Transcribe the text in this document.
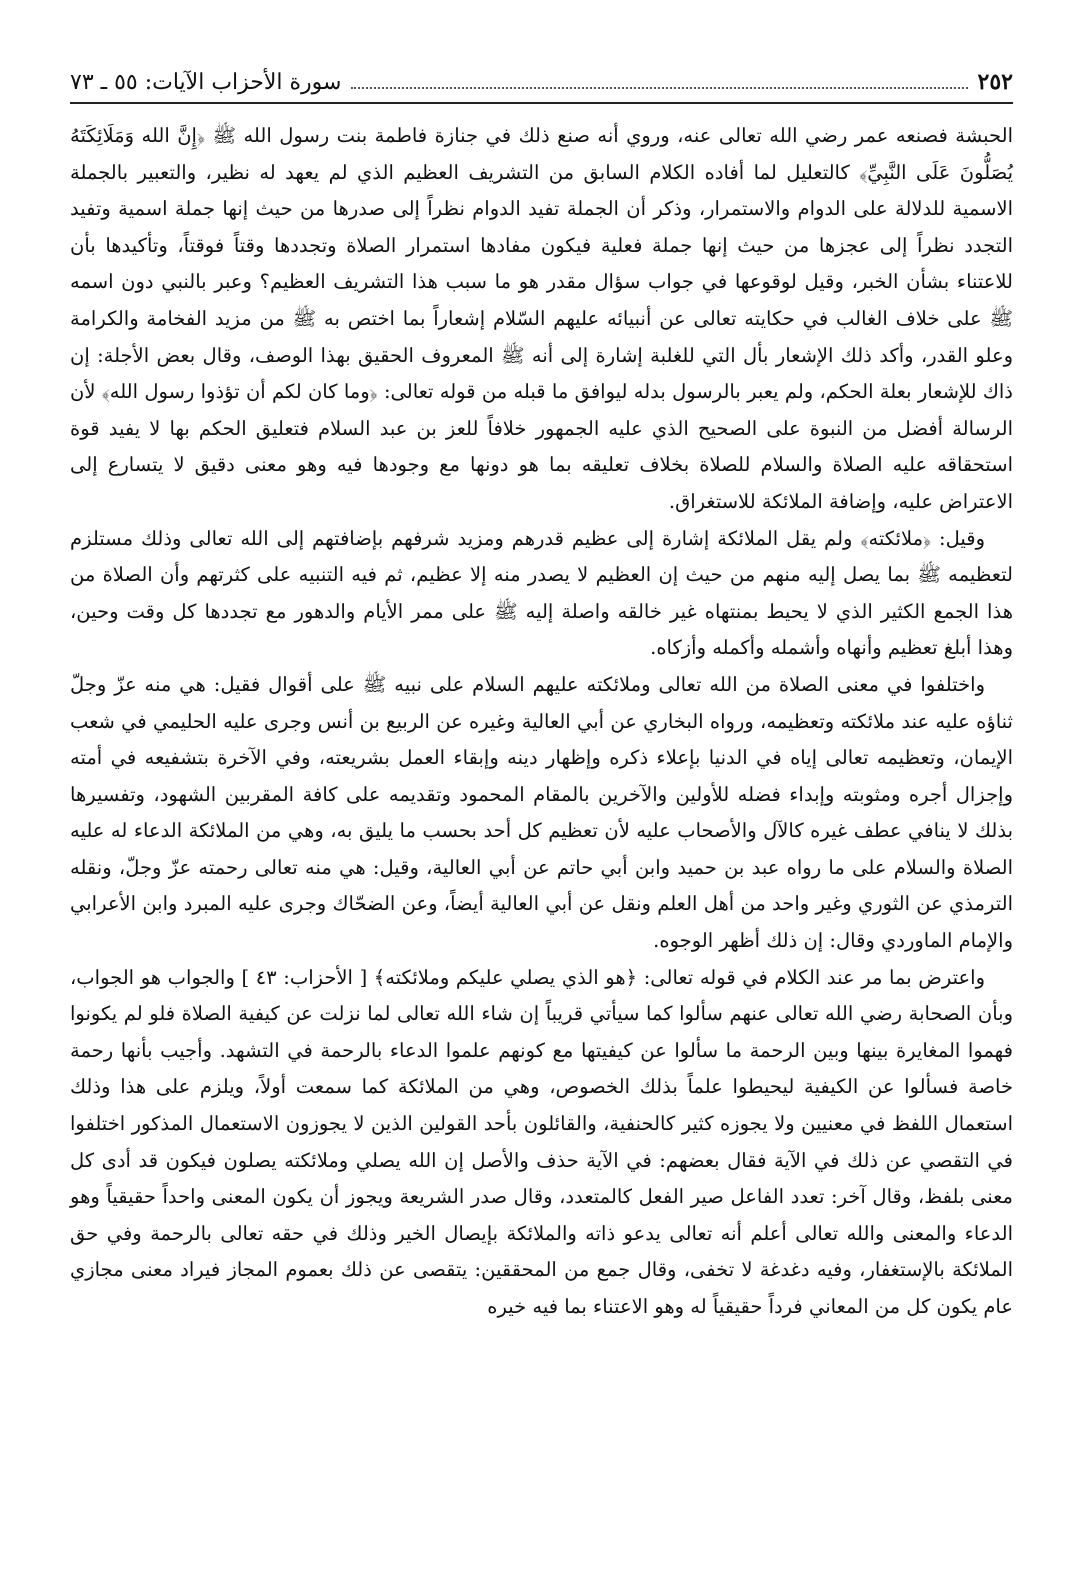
٢٥٢
سورة الأحزاب الآيات: ٥٥ ـ ٧٣

الحبشة فصنعه عمر رضي الله تعالى عنه، وروي أنه صنع ذلك في جنازة فاطمة بنت رسول الله ﷺ ﴿إِنَّ الله وَمَلَائِكَتَهُ يُصَلُّونَ عَلَى النَّبِيِّ﴾ كالتعليل لما أفاده الكلام السابق من التشريف العظيم الذي لم يعهد له نظير، والتعبير بالجملة الاسمية للدلالة على الدوام والاستمرار، وذكر أن الجملة تفيد الدوام نظراً إلى صدرها من حيث إنها جملة اسمية وتفيد التجدد نظراً إلى عجزها من حيث إنها جملة فعلية فيكون مفادها استمرار الصلاة وتجددها وقتاً فوقتاً، وتأكيدها بأن للاعتناء بشأن الخبر، وقيل لوقوعها في جواب سؤال مقدر هو ما سبب هذا التشريف العظيم؟ وعبر بالنبي دون اسمه ﷺ على خلاف الغالب في حكايته تعالى عن أنبيائه عليهم السّلام إشعاراً بما اختص به ﷺ من مزيد الفخامة والكرامة وعلو القدر، وأكد ذلك الإشعار بأل التي للغلبة إشارة إلى أنه ﷺ المعروف الحقيق بهذا الوصف، وقال بعض الأجلة: إن ذاك للإشعار بعلة الحكم، ولم يعبر بالرسول بدله ليوافق ما قبله من قوله تعالى: ﴿وما كان لكم أن تؤذوا رسول الله﴾ لأن الرسالة أفضل من النبوة على الصحيح الذي عليه الجمهور خلافاً للعز بن عبد السلام فتعليق الحكم بها لا يفيد قوة استحقاقه عليه الصلاة والسلام للصلاة بخلاف تعليقه بما هو دونها مع وجودها فيه وهو معنى دقيق لا يتسارع إلى الاعتراض عليه، وإضافة الملائكة للاستغراق.

وقيل: ﴿ملائكته﴾ ولم يقل الملائكة إشارة إلى عظيم قدرهم ومزيد شرفهم بإضافتهم إلى الله تعالى وذلك مستلزم لتعظيمه ﷺ بما يصل إليه منهم من حيث إن العظيم لا يصدر منه إلا عظيم، ثم فيه التنبيه على كثرتهم وأن الصلاة من هذا الجمع الكثير الذي لا يحيط بمنتهاه غير خالقه واصلة إليه ﷺ على ممر الأيام والدهور مع تجددها كل وقت وحين، وهذا أبلغ تعظيم وأنهاه وأشمله وأكمله وأزكاه.

واختلفوا في معنى الصلاة من الله تعالى وملائكته عليهم السلام على نبيه ﷺ على أقوال فقيل: هي منه عزّ وجلّ ثناؤه عليه عند ملائكته وتعظيمه، ورواه البخاري عن أبي العالية وغيره عن الربيع بن أنس وجرى عليه الحليمي في شعب الإيمان، وتعظيمه تعالى إياه في الدنيا بإعلاء ذكره وإظهار دينه وإبقاء العمل بشريعته، وفي الآخرة بتشفيعه في أمته وإجزال أجره ومثوبته وإبداء فضله للأولين والآخرين بالمقام المحمود وتقديمه على كافة المقربين الشهود، وتفسيرها بذلك لا ينافي عطف غيره كالآل والأصحاب عليه لأن تعظيم كل أحد بحسب ما يليق به، وهي من الملائكة الدعاء له عليه الصلاة والسلام على ما رواه عبد بن حميد وابن أبي حاتم عن أبي العالية، وقيل: هي منه تعالى رحمته عزّ وجلّ، ونقله الترمذي عن الثوري وغير واحد من أهل العلم ونقل عن أبي العالية أيضاً، وعن الضحّاك وجرى عليه المبرد وابن الأعرابي والإمام الماوردي وقال: إن ذلك أظهر الوجوه.

واعترض بما مر عند الكلام في قوله تعالى: ﴿هو الذي يصلي عليكم وملائكته﴾ [ الأحزاب: ٤٣ ] والجواب هو الجواب، وبأن الصحابة رضي الله تعالى عنهم سألوا كما سيأتي قريباً إن شاء الله تعالى لما نزلت عن كيفية الصلاة فلو لم يكونوا فهموا المغايرة بينها وبين الرحمة ما سألوا عن كيفيتها مع كونهم علموا الدعاء بالرحمة في التشهد. وأجيب بأنها رحمة خاصة فسألوا عن الكيفية ليحيطوا علماً بذلك الخصوص، وهي من الملائكة كما سمعت أولاً، ويلزم على هذا وذلك استعمال اللفظ في معنيين ولا يجوزه كثير كالحنفية، والقائلون بأحد القولين الذين لا يجوزون الاستعمال المذكور اختلفوا في التقصي عن ذلك في الآية فقال بعضهم: في الآية حذف والأصل إن الله يصلي وملائكته يصلون فيكون قد أدى كل معنى بلفظ، وقال آخر: تعدد الفاعل صير الفعل كالمتعدد، وقال صدر الشريعة ويجوز أن يكون المعنى واحداً حقيقياً وهو الدعاء والمعنى والله تعالى أعلم أنه تعالى يدعو ذاته والملائكة بإيصال الخير وذلك في حقه تعالى بالرحمة وفي حق الملائكة بالإستغفار، وفيه دغدغة لا تخفى، وقال جمع من المحققين: يتقصى عن ذلك بعموم المجاز فيراد معنى مجازي عام يكون كل من المعاني فرداً حقيقياً له وهو الاعتناء بما فيه خيره
